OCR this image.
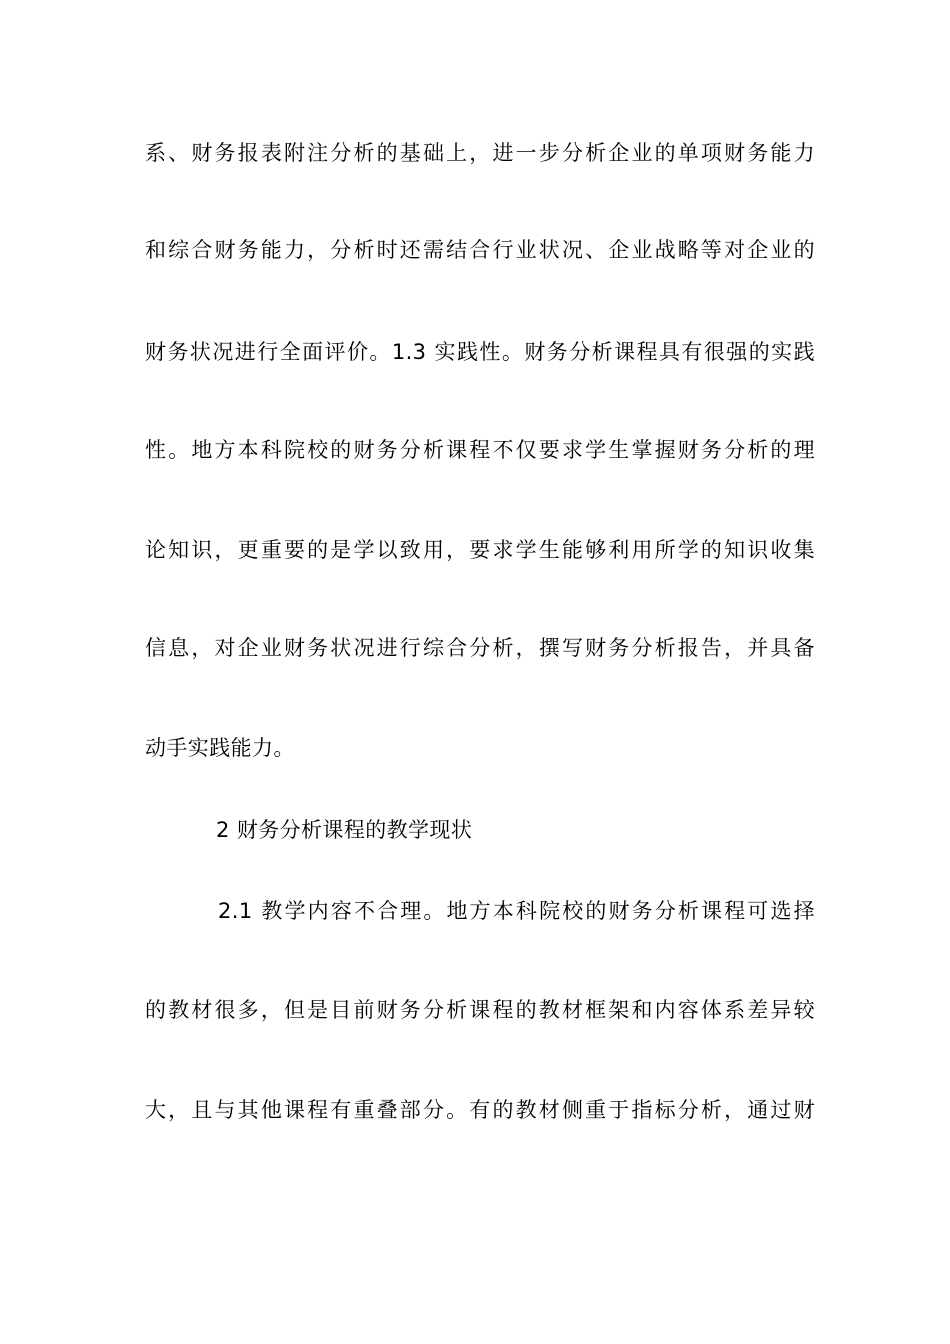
系、财务报表附注分析的基础上，进一步分析企业的单项财务能力
和综合财务能力，分析时还需结合行业状况、企业战略等对企业的
财务状况进行全面评价。1.3 实践性。财务分析课程具有很强的实践
性。地方本科院校的财务分析课程不仅要求学生掌握财务分析的理
论知识，更重要的是学以致用，要求学生能够利用所学的知识收集
信息，对企业财务状况进行综合分析，撰写财务分析报告，并具备
动手实践能力。
2 财务分析课程的教学现状
2.1 教学内容不合理。地方本科院校的财务分析课程可选择
的教材很多，但是目前财务分析课程的教材框架和内容体系差异较
大，且与其他课程有重叠部分。有的教材侧重于指标分析，通过财
